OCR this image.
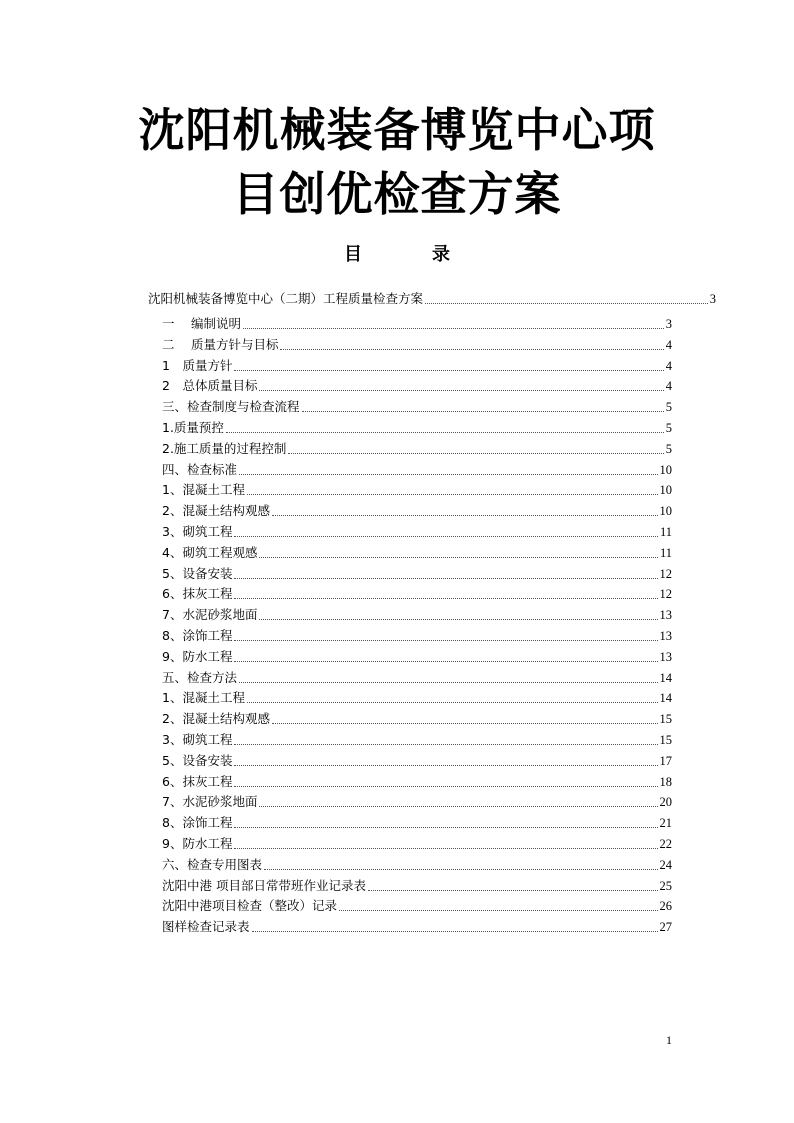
沈阳机械装备博览中心项
目创优检查方案
目	录
沈阳机械装备博览中心（二期）工程质量检查方案	3
一　 编制说明	3
二　 质量方针与目标	4
1　质量方针	4
2　总体质量目标	4
三、检查制度与检查流程	5
1.质量预控	5
2.施工质量的过程控制	5
四、检查标准	10
1、混凝土工程	10
2、混凝土结构观感	10
3、砌筑工程	11
4、砌筑工程观感	11
5、设备安装	12
6、抹灰工程	12
7、水泥砂浆地面	13
8、涂饰工程	13
9、防水工程	13
五、检查方法	14
1、混凝土工程	14
2、混凝土结构观感	15
3、砌筑工程	15
5、设备安装	17
6、抹灰工程	18
7、水泥砂浆地面	20
8、涂饰工程	21
9、防水工程	22
六、检查专用图表	24
沈阳中港 项目部日常带班作业记录表	25
沈阳中港项目检查（整改）记录	26
图样检查记录表	27
1
